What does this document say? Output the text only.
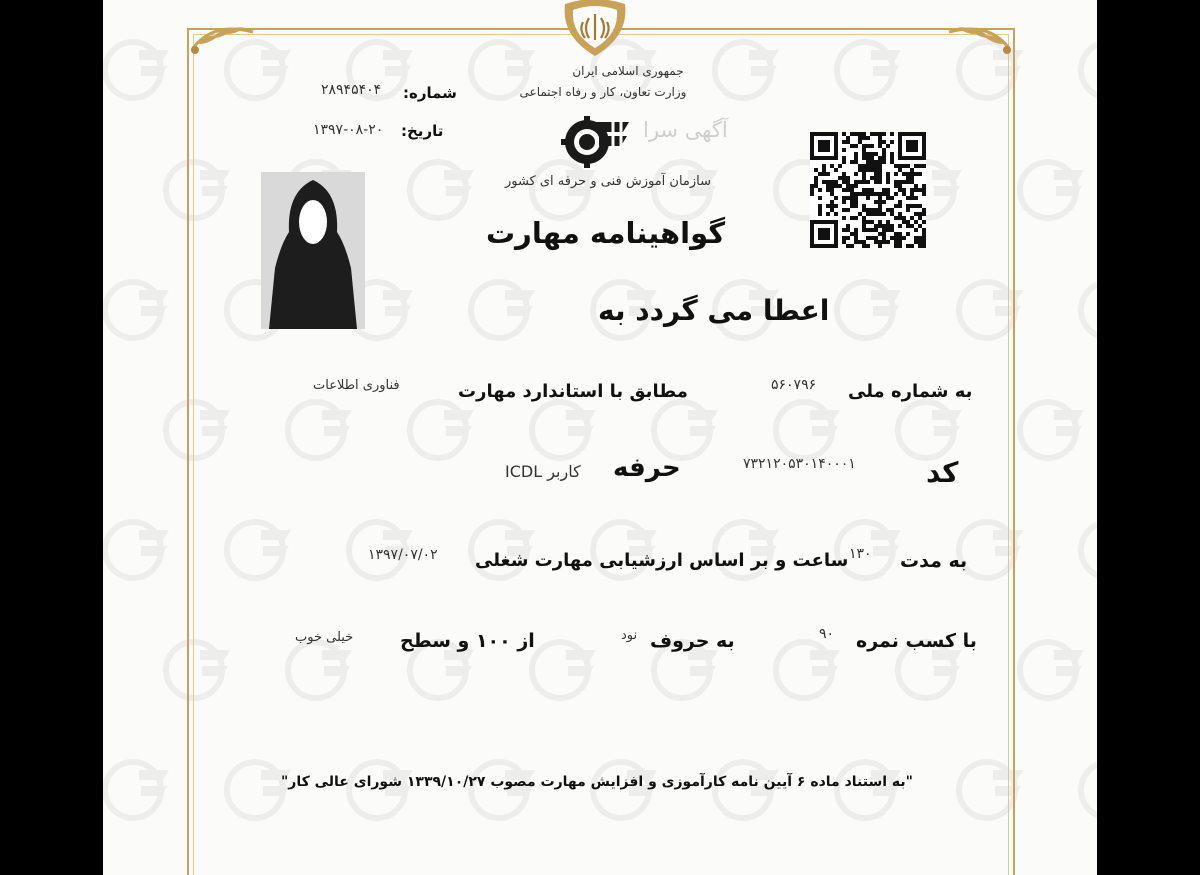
جمهوری اسلامی ایران
وزارت تعاون، کار و رفاه اجتماعی
شماره:
۲۸۹۴۵۴۰۴
تاریخ:
۱۳۹۷-۰۸-۲۰	آگهی سرا
سازمان آموزش فنی و حرفه ای کشور
گواهینامه مهارت
اعطا می گردد به
به شماره ملی
۵۶۰۷۹۶
مطابق با استاندارد مهارت
فناوری اطلاعات
کد
۷۳۲۱۲۰۵۳۰۱۴۰۰۰۱
حرفه
کاربر ICDL
به مدت
۱۳۰
ساعت و بر اساس ارزشیابی مهارت شغلی
۱۳۹۷/۰۷/۰۲
با کسب نمره
۹۰
به حروف
نود
از ۱۰۰ و سطح
خیلی خوب
"به استناد ماده ۶ آیین نامه کارآموزی و افزایش مهارت مصوب ۱۳۳۹/۱۰/۲۷ شورای عالی کار"
